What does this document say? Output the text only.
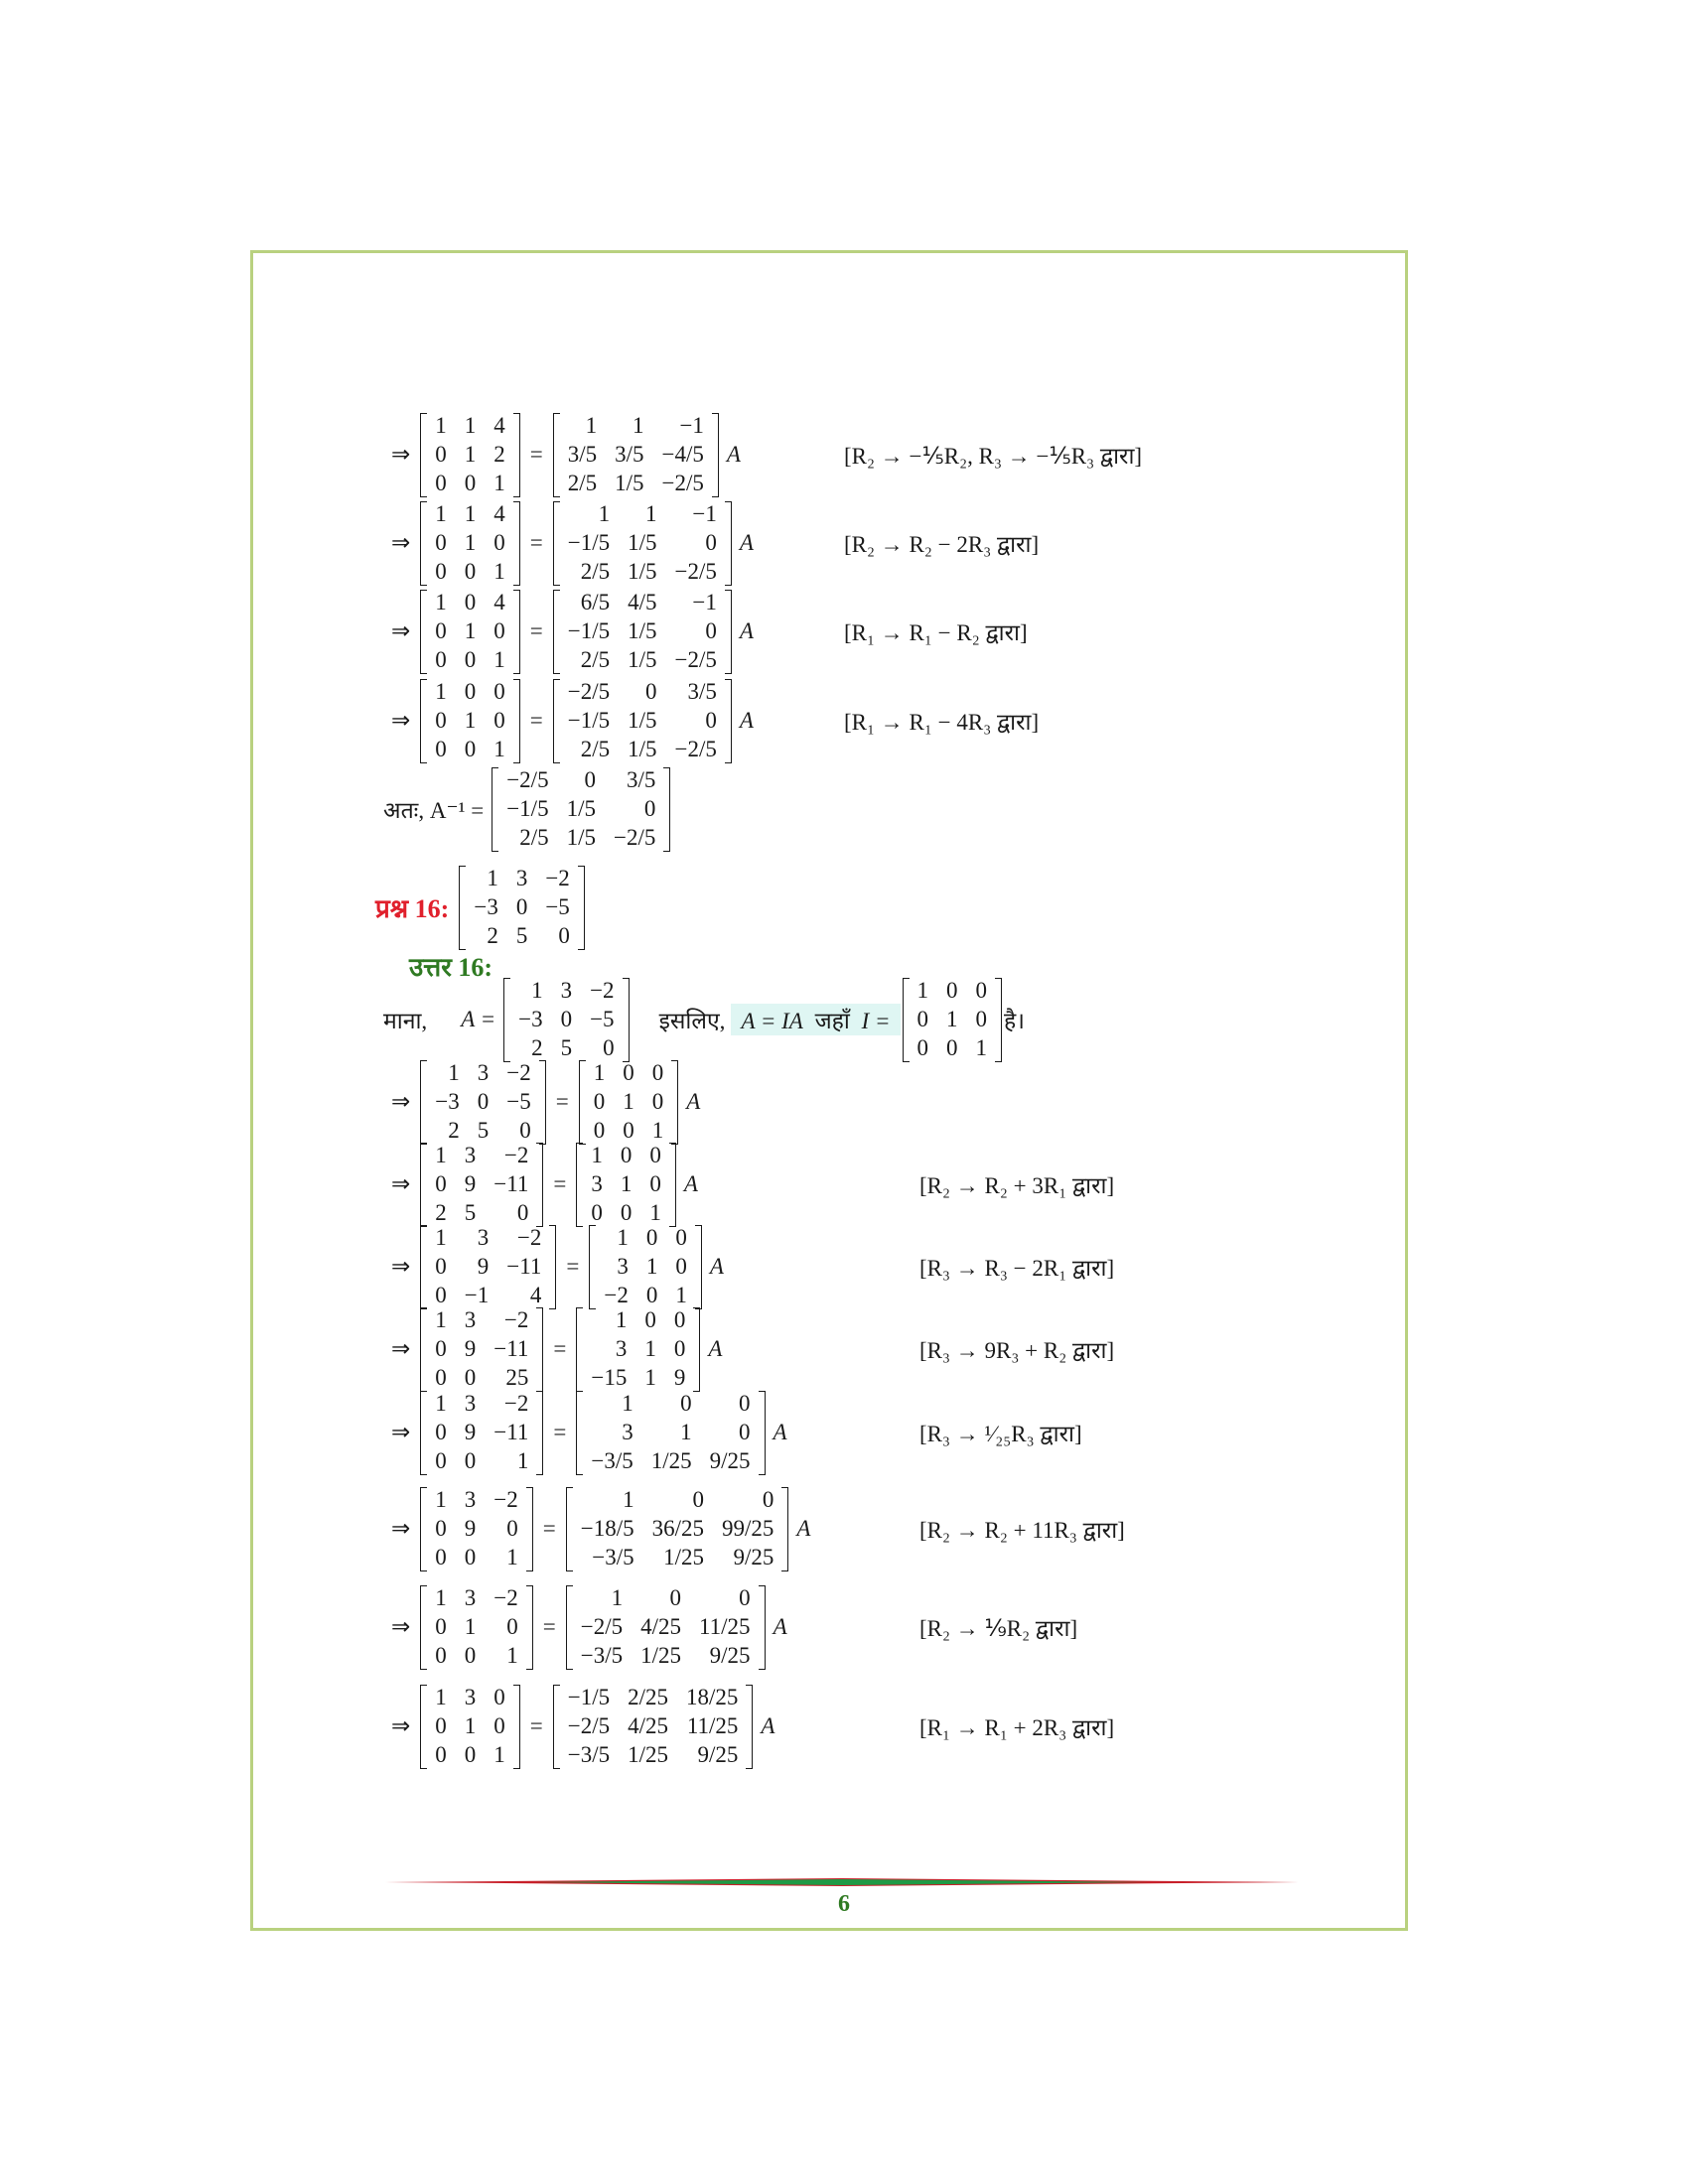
अतः, A⁻¹ =
−2/5	0	3/5
−1/5 1/5	0
2/5 1/5 −2/5
प्रश्न 16:
1 3 −2
−3 0 −5
2 5	0
उत्तर 16:
माना, A =
1 3 −2
−3 0 −5
2 5	0
इसलिए, A = IA जहाँ I =
1 0 0
0 1 0
0 0 1
है।
⇒
1 1 4
0 1 2
0 0 1
=
1	1	−1
3/5 3/5 −4/5
2/5 1/5 −2/5
A	[R₂ → −⅕R₂, R₃ → −⅕R₃ द्वारा]
⇒
1 1 4
0 1 0
0 0 1
=
1	1	−1
−1/5 1/5	0
2/5 1/5 −2/5
A	[R₂ → R₂ − 2R₃ द्वारा]
⇒
1 0 4
0 1 0
0 0 1
=
6/5 4/5	−1
−1/5 1/5	0
2/5 1/5 −2/5
A	[R₁ → R₁ − R₂ द्वारा]
⇒
1 0 0
0 1 0
0 0 1
=
−2/5	0	3/5
−1/5 1/5	0
2/5 1/5 −2/5
A	[R₁ → R₁ − 4R₃ द्वारा]
⇒
1 3 −2
−3 0 −5
2 5	0
=
1 0 0
0 1 0
0 0 1
A
⇒
1 3	−2
0 9 −11
2 5	0
=
1 0 0
3 1 0
0 0 1
A	[R₂ → R₂ + 3R₁ द्वारा]
⇒
1	3	−2
0	9 −11
0 −1	4
=
1 0 0
3 1 0
−2 0 1
A	[R₃ → R₃ − 2R₁ द्वारा]
⇒
1 3	−2
0 9 −11
0 0	25
=
1 0 0
3 1 0
−15 1 9
A	[R₃ → 9R₃ + R₂ द्वारा]
⇒
1 3	−2
0 9 −11
0 0	1
=
1	0	0
3	1	0
−3/5 1/25 9/25
A	[R₃ → ¹⁄₂₅R₃ द्वारा]
⇒
1 3 −2
0 9	0
0 0	1
=
1	0	0
−18/5 36/25 99/25
−3/5	1/25	9/25
A	[R₂ → R₂ + 11R₃ द्वारा]
⇒
1 3 −2
0 1	0
0 0	1
=
1	0	0
−2/5 4/25 11/25
−3/5 1/25	9/25
A	[R₂ → ⅑R₂ द्वारा]
⇒
1 3 0
0 1 0
0 0 1
=
−1/5 2/25 18/25
−2/5 4/25 11/25
−3/5 1/25	9/25
A	[R₁ → R₁ + 2R₃ द्वारा]
6
